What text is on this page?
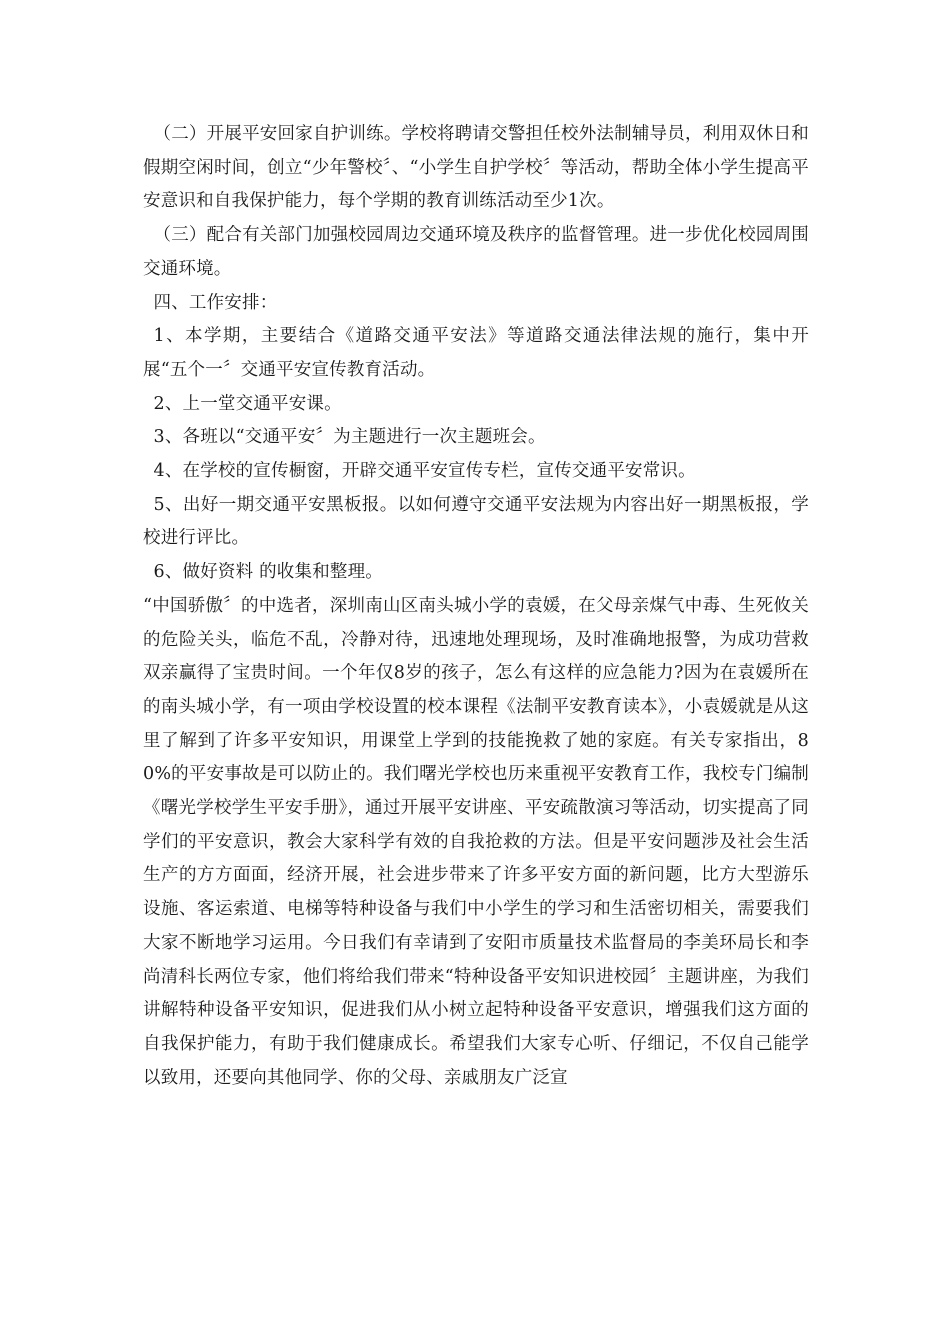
（二）开展平安回家自护训练。学校将聘请交警担任校外法制辅导员，利用双休日和假期空闲时间，创立“少年警校〞、“小学生自护学校〞等活动，帮助全体小学生提高平安意识和自我保护能力，每个学期的教育训练活动至少1次。

（三）配合有关部门加强校园周边交通环境及秩序的监督管理。进一步优化校园周围交通环境。

四、工作安排：

1、本学期，主要结合《道路交通平安法》等道路交通法律法规的施行，集中开展“五个一〞交通平安宣传教育活动。

2、上一堂交通平安课。

3、各班以“交通平安〞为主题进行一次主题班会。

4、在学校的宣传橱窗，开辟交通平安宣传专栏，宣传交通平安常识。

5、出好一期交通平安黑板报。以如何遵守交通平安法规为内容出好一期黑板报，学校进行评比。

6、做好资料 的收集和整理。

“中国骄傲〞的中选者，深圳南山区南头城小学的袁媛，在父母亲煤气中毒、生死攸关的危险关头，临危不乱，冷静对待，迅速地处理现场，及时准确地报警，为成功营救双亲赢得了宝贵时间。一个年仅8岁的孩子，怎么有这样的应急能力?因为在袁媛所在的南头城小学，有一项由学校设置的校本课程《法制平安教育读本》，小袁媛就是从这里了解到了许多平安知识，用课堂上学到的技能挽救了她的家庭。有关专家指出，80%的平安事故是可以防止的。我们曙光学校也历来重视平安教育工作，我校专门编制《曙光学校学生平安手册》，通过开展平安讲座、平安疏散演习等活动，切实提高了同学们的平安意识，教会大家科学有效的自我抢救的方法。但是平安问题涉及社会生活生产的方方面面，经济开展，社会进步带来了许多平安方面的新问题，比方大型游乐设施、客运索道、电梯等特种设备与我们中小学生的学习和生活密切相关，需要我们大家不断地学习运用。今日我们有幸请到了安阳市质量技术监督局的李美环局长和李尚清科长两位专家，他们将给我们带来“特种设备平安知识进校园〞主题讲座，为我们讲解特种设备平安知识，促进我们从小树立起特种设备平安意识，增强我们这方面的自我保护能力，有助于我们健康成长。希望我们大家专心听、仔细记，不仅自己能学以致用，还要向其他同学、你的父母、亲戚朋友广泛宣
